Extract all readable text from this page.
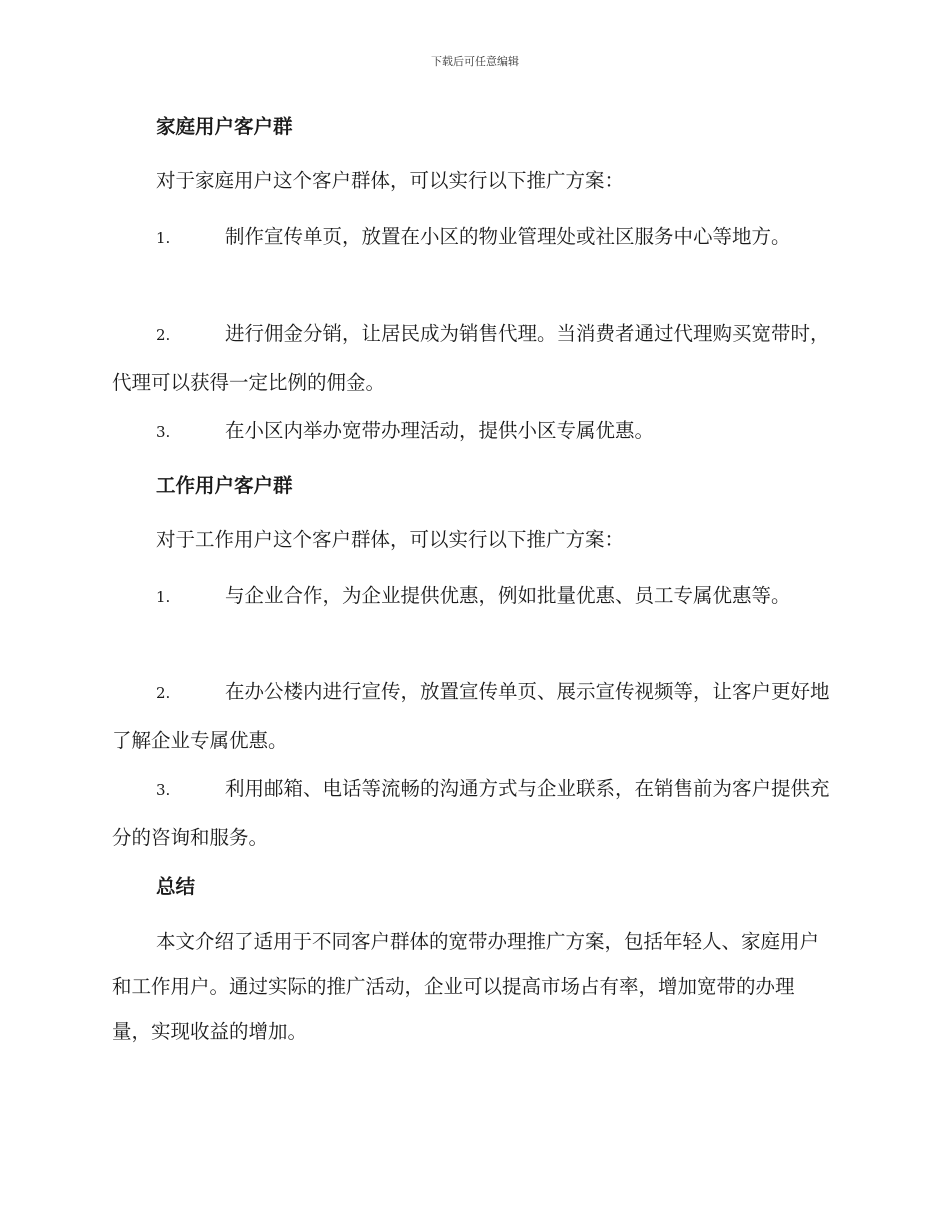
下载后可任意编辑
家庭用户客户群

对于家庭用户这个客户群体，可以实行以下推广方案：

1.	制作宣传单页，放置在小区的物业管理处或社区服务中心等地方。
2.	进行佣金分销，让居民成为销售代理。当消费者通过代理购买宽带时，代理可以获得一定比例的佣金。
3.	在小区内举办宽带办理活动，提供小区专属优惠。
工作用户客户群

对于工作用户这个客户群体，可以实行以下推广方案：

1.	与企业合作，为企业提供优惠，例如批量优惠、员工专属优惠等。
2.	在办公楼内进行宣传，放置宣传单页、展示宣传视频等，让客户更好地了解企业专属优惠。
3.	利用邮箱、电话等流畅的沟通方式与企业联系，在销售前为客户提供充分的咨询和服务。
总结

本文介绍了适用于不同客户群体的宽带办理推广方案，包括年轻人、家庭用户和工作用户。通过实际的推广活动，企业可以提高市场占有率，增加宽带的办理量，实现收益的增加。
